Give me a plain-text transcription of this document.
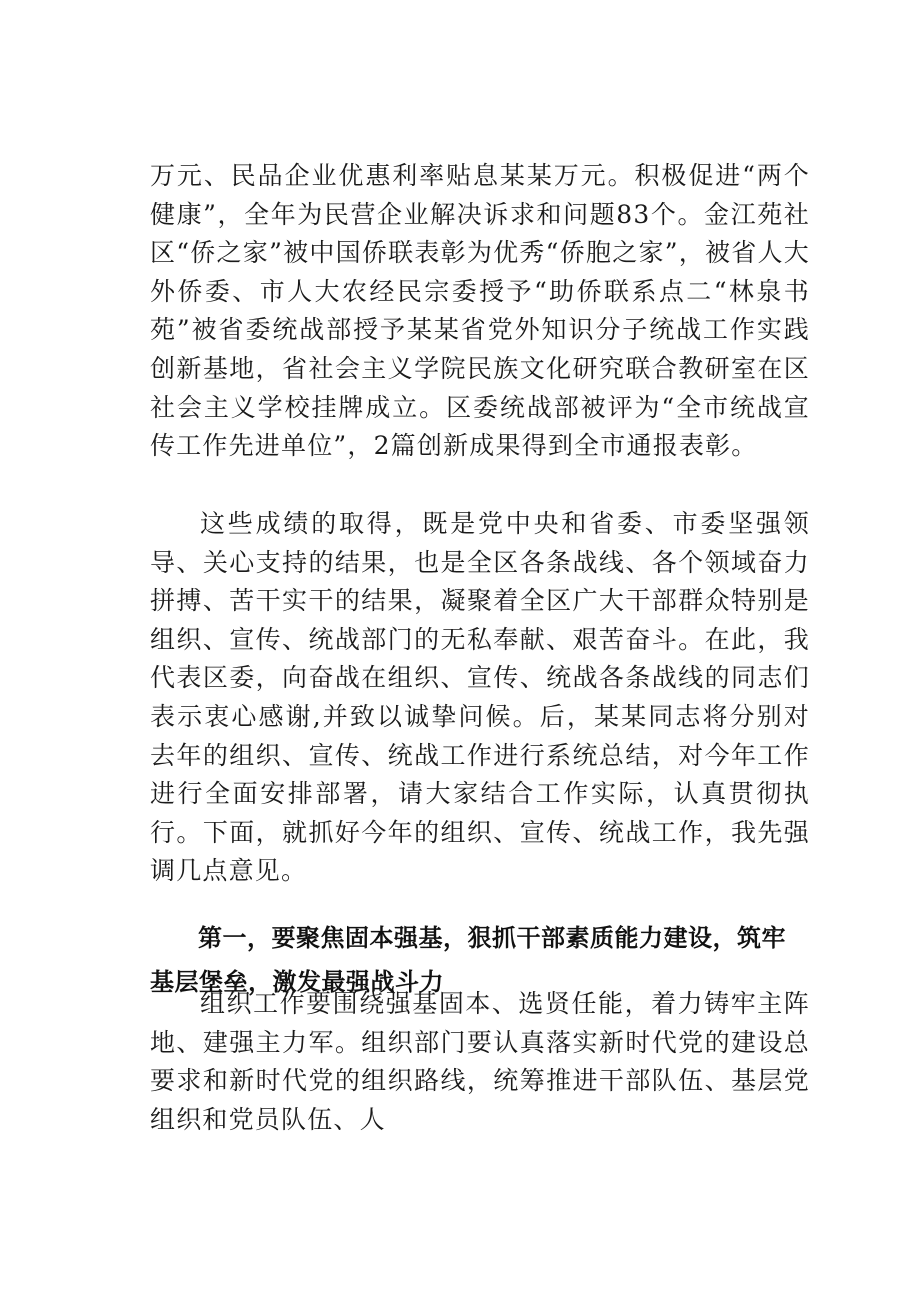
万元、民品企业优惠利率贴息某某万元。积极促进“两个健康”，全年为民营企业解决诉求和问题83个。金江苑社区“侨之家”被中国侨联表彰为优秀“侨胞之家”，被省人大外侨委、市人大农经民宗委授予“助侨联系点二“林泉书苑”被省委统战部授予某某省党外知识分子统战工作实践创新基地，省社会主义学院民族文化研究联合教研室在区社会主义学校挂牌成立。区委统战部被评为“全市统战宣传工作先进单位”，2篇创新成果得到全市通报表彰。

这些成绩的取得，既是党中央和省委、市委坚强领导、关心支持的结果，也是全区各条战线、各个领域奋力拼搏、苦干实干的结果，凝聚着全区广大干部群众特别是组织、宣传、统战部门的无私奉献、艰苦奋斗。在此，我代表区委，向奋战在组织、宣传、统战各条战线的同志们表示衷心感谢,并致以诚挚问候。后，某某同志将分别对去年的组织、宣传、统战工作进行系统总结，对今年工作进行全面安排部署，请大家结合工作实际，认真贯彻执行。下面，就抓好今年的组织、宣传、统战工作，我先强调几点意见。

第一，要聚焦固本强基，狠抓干部素质能力建设，筑牢基层堡垒，激发最强战斗力

组织工作要围绕强基固本、选贤任能，着力铸牢主阵地、建强主力军。组织部门要认真落实新时代党的建设总要求和新时代党的组织路线，统筹推进干部队伍、基层党组织和党员队伍、人
